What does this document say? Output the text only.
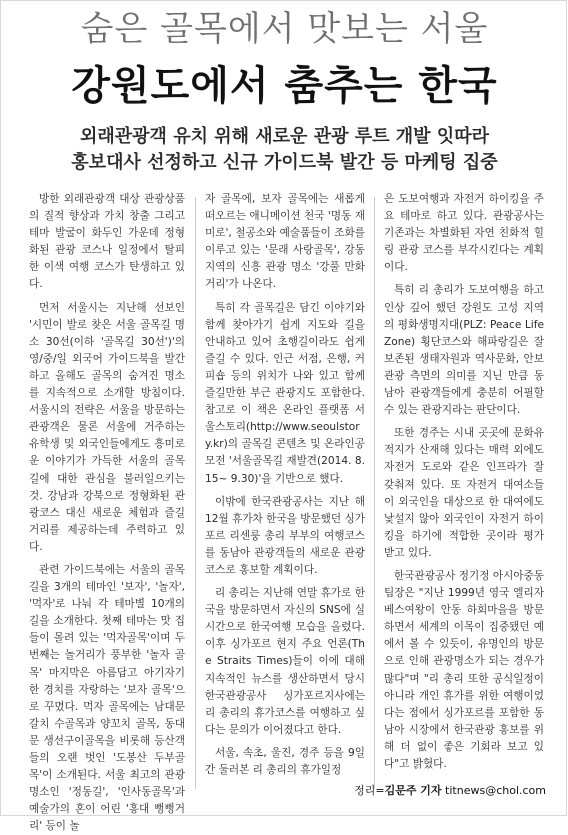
숨은 골목에서 맛보는 서울
강원도에서 춤추는 한국
외래관광객 유치 위해 새로운 관광 루트 개발 잇따라
홍보대사 선정하고 신규 가이드북 발간 등 마케팅 집중

방한 외래관광객 대상 관광상품의 질적 향상과 가치 창출 그리고 테마 발굴이 화두인 가운데 정형화된 관광 코스나 일정에서 탈피한 이색 여행 코스가 탄생하고 있다.

먼저 서울시는 지난해 선보인 '시민이 발로 찾은 서울 골목길 명소 30선(이하 '골목길 30선')'의 영/중/일 외국어 가이드북을 발간하고 올해도 골목의 숨겨진 명소를 지속적으로 소개할 방침이다. 서울시의 전략은 서울을 방문하는 관광객은 물론 서울에 거주하는 유학생 및 외국인들에게도 흥미로운 이야기가 가득한 서울의 골목길에 대한 관심을 불러일으키는 것. 강남과 강북으로 정형화된 관광코스 대신 새로운 체험과 즐길거리를 제공하는데 주력하고 있다.

관련 가이드북에는 서울의 골목길을 3개의 테마인 '보자', '놀자', '먹자'로 나눠 각 테마별 10개의 길을 소개한다. 첫째 테마는 맛 집들이 몰려 있는 '먹자골목'이며 두 번째는 놀거리가 풍부한 '놀자 골목' 마지막은 아름답고 아기자기한 경치를 자랑하는 '보자 골목'으로 꾸몄다. 먹자 골목에는 남대문 갈치 수골목과 양꼬치 골목, 동대문 생선구이골목을 비롯해 등산객들의 오랜 벗인 '도봉산 두부골목'이 소개된다. 서울 최고의 관광 명소인 '정동길', '인사동골목'과 예술가의 혼이 어린 '홍대 뻥뻥거리' 등이 놀

자 골목에, 보자 골목에는 새롭게 떠오르는 애니메이션 천국 '명동 재미로', 철공소와 예술품들이 조화를 이루고 있는 '문래 사랑골목', 강동 지역의 신흥 관광 명소 '강풀 만화거리'가 나온다.

특히 각 골목길은 담긴 이야기와 함께 찾아가기 쉽게 지도와 길을 안내하고 있어 초행길이라도 쉽게 즐길 수 있다. 인근 서점, 은행, 커피숍 등의 위치가 나와 있고 함께 즐길만한 부근 관광지도 포함한다. 참고로 이 책은 온라인 플랫폼 서울스토리(http://www.seoulstory.kr)의 골목길 콘텐츠 및 온라인공모전 '서울골목길 재발견(2014. 8.15~ 9.30)'을 기반으로 했다.

이밖에 한국관광공사는 지난 해 12월 휴가차 한국을 방문했던 싱가포르 리센룽 총리 부부의 여행코스를 동남아 관광객들의 새로운 관광코스로 홍보할 계획이다.

리 총리는 지난해 연말 휴가로 한국을 방문하면서 자신의 SNS에 실시간으로 한국여행 모습을 올렸다. 이후 싱가포르 현지 주요 언론(The Straits Times)들이 이에 대해 지속적인 뉴스를 생산하면서 당시 한국관광공사 싱가포르지사에는 리 총리의 휴가코스를 여행하고 싶다는 문의가 이어졌다고 한다.

서울, 속초, 울진, 경주 등을 9일간 둘러본 리 총리의 휴가일정

은 도보여행과 자전거 하이킹을 주요 테마로 하고 있다. 관광공사는 기존과는 차별화된 자연 친화적 힐링 관광 코스를 부각시킨다는 계획이다.

특히 리 총리가 도보여행을 하고 인상 깊어 했던 강원도 고성 지역의 평화생명지대(PLZ: Peace Life Zone) 횡단코스와 해파랑길은 잘 보존된 생태자원과 역사문화, 안보관광 측면의 의미를 지닌 만큼 동남아 관광객들에게 충분히 어필할 수 있는 관광지라는 판단이다.

또한 경주는 시내 곳곳에 문화유적지가 산재해 있다는 매력 외에도 자전거 도로와 같은 인프라가 잘 갖춰져 있다. 또 자전거 대여소들이 외국인을 대상으로 한 대여에도 낯설지 않아 외국인이 자전거 하이킹을 하기에 적합한 곳이라 평가 받고 있다.

한국관광공사 정기정 아시아중동팀장은 "지난 1999년 영국 엘리자베스여왕이 안동 하회마을을 방문하면서 세계의 이목이 집중됐던 예에서 볼 수 있듯이, 유명인의 방문으로 인해 관광명소가 되는 경우가 많다"며 "리 총리 또한 공식일정이 아니라 개인 휴가를 위한 여행이었다는 점에서 싱가포르를 포함한 동남아 시장에서 한국관광 홍보를 위해 더 없이 좋은 기회라 보고 있다"고 밝혔다.

정리=김문주 기자 titnews@chol.com
